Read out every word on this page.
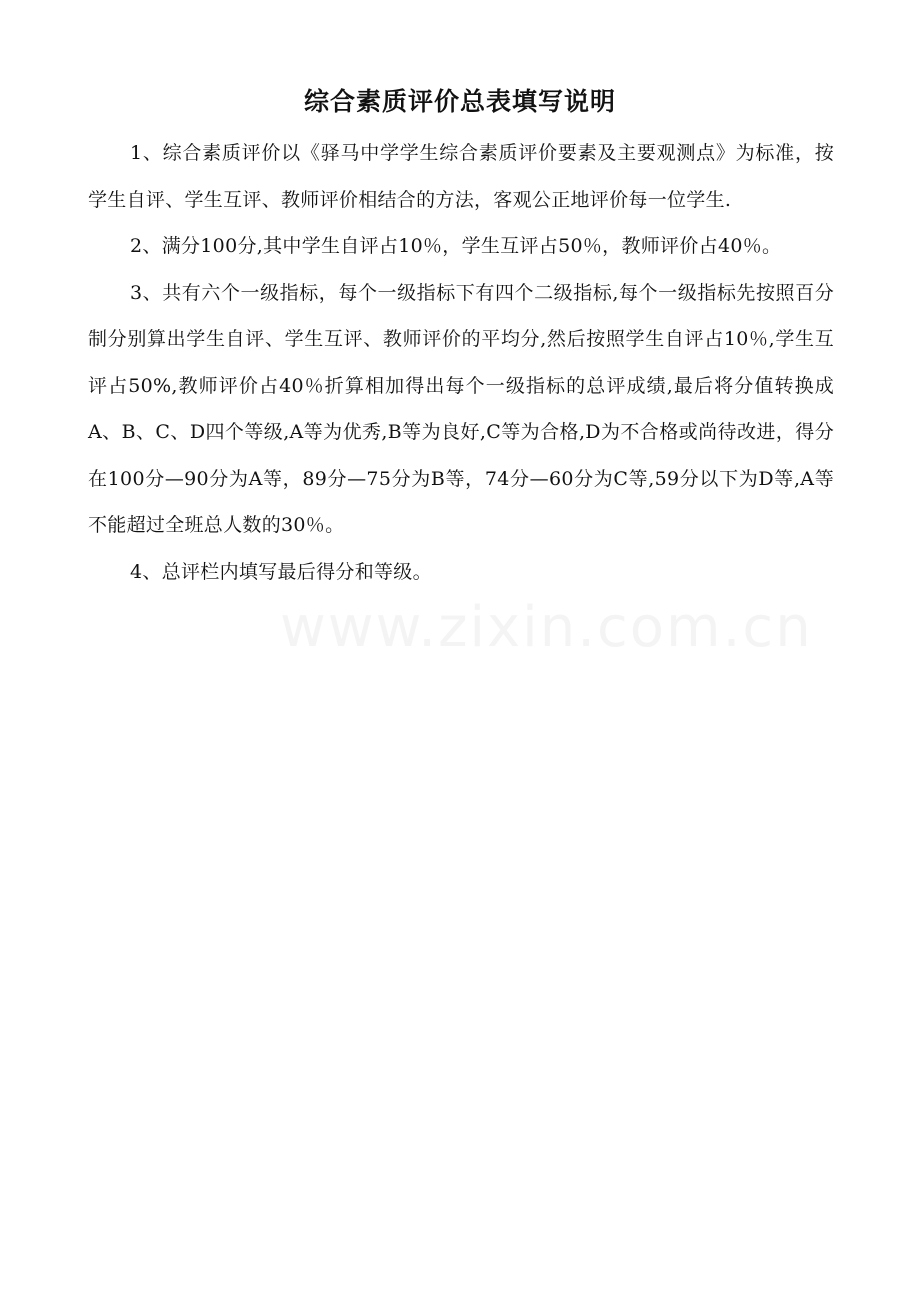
综合素质评价总表填写说明

1、综合素质评价以《驿马中学学生综合素质评价要素及主要观测点》为标准，按学生自评、学生互评、教师评价相结合的方法，客观公正地评价每一位学生.

2、满分100分,其中学生自评占10％，学生互评占50％，教师评价占40％。

3、共有六个一级指标，每个一级指标下有四个二级指标,每个一级指标先按照百分制分别算出学生自评、学生互评、教师评价的平均分,然后按照学生自评占10％,学生互评占50%,教师评价占40％折算相加得出每个一级指标的总评成绩,最后将分值转换成A、B、C、D四个等级,A等为优秀,B等为良好,C等为合格,D为不合格或尚待改进，得分在100分—90分为A等，89分—75分为B等，74分—60分为C等,59分以下为D等,A等不能超过全班总人数的30％。

4、总评栏内填写最后得分和等级。

www.zixin.com.cn
